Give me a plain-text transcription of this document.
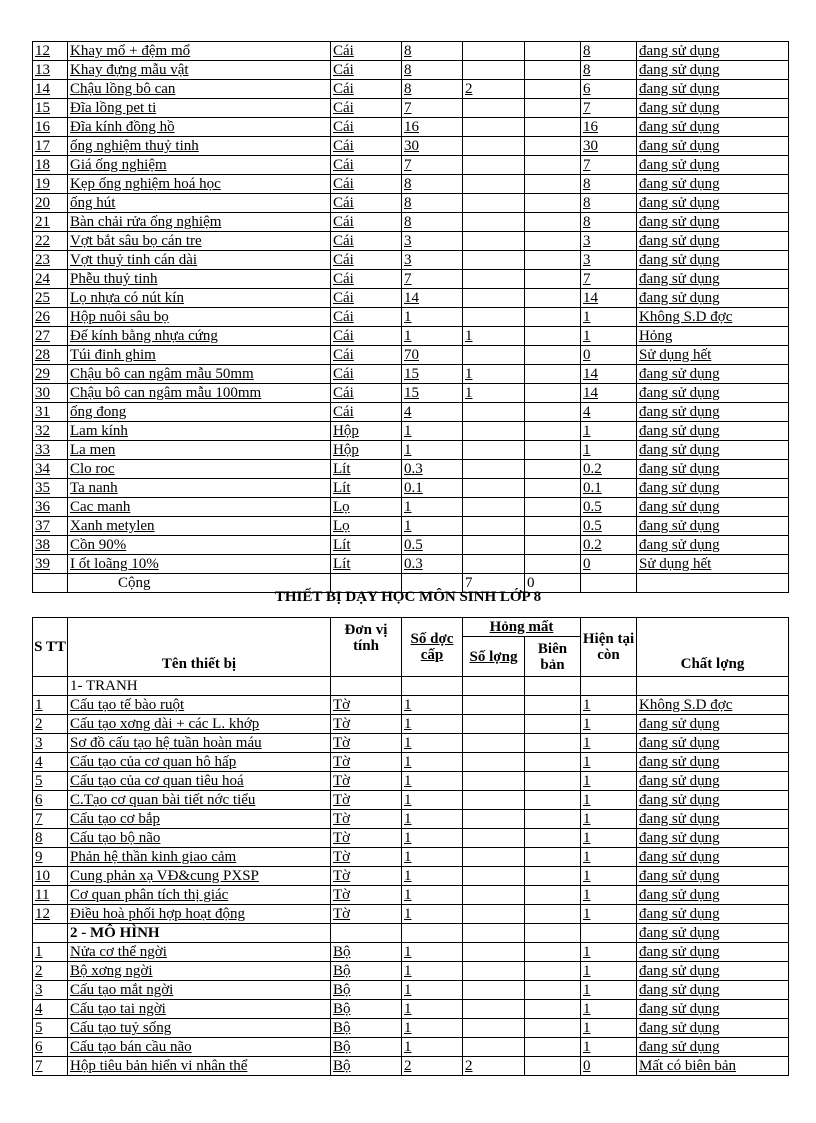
12	Khay mổ + đệm mổ	Cái	8			8	đang sử dụng
13	Khay đựng mẫu vật	Cái	8			8	đang sử dụng
14	Chậu lồng bô can	Cái	8	2		6	đang sử dụng
15	Đĩa lồng pet ti	Cái	7			7	đang sử dụng
16	Đĩa kính đồng hồ	Cái	16			16	đang sử dụng
17	ống nghiệm thuỷ tinh	Cái	30			30	đang sử dụng
18	Giá ống nghiệm	Cái	7			7	đang sử dụng
19	Kẹp ống nghiệm hoá học	Cái	8			8	đang sử dụng
20	ống hút	Cái	8			8	đang sử dụng
21	Bàn chải rửa ống nghiệm	Cái	8			8	đang sử dụng
22	Vợt bắt sâu bọ cán tre	Cái	3			3	đang sử dụng
23	Vợt thuỷ tinh cán dài	Cái	3			3	đang sử dụng
24	Phễu thuỷ tinh	Cái	7			7	đang sử dụng
25	Lọ nhựa có nút kín	Cái	14			14	đang sử dụng
26	Hộp nuôi sâu bọ	Cái	1			1	Không S.D đợc
27	Đế kính bằng nhựa cứng	Cái	1	1		1	Hỏng
28	Túi đinh ghim	Cái	70			0	Sử dụng hết
29	Chậu bô can ngâm mẫu 50mm	Cái	15	1		14	đang sử dụng
30	Chậu bô can ngâm mẫu 100mm	Cái	15	1		14	đang sử dụng
31	ống đong	Cái	4			4	đang sử dụng
32	Lam kính	Hộp	1			1	đang sử dụng
33	La men	Hộp	1			1	đang sử dụng
34	Clo roc	Lít	0.3			0.2	đang sử dụng
35	Ta nanh	Lít	0.1			0.1	đang sử dụng
36	Cac manh	Lọ	1			0.5	đang sử dụng
37	Xanh metylen	Lọ	1			0.5	đang sử dụng
38	Cồn 90%	Lít	0.5			0.2	đang sử dụng
39	I ốt loãng 10%	Lít	0.3			0	Sử dụng hết
	Cộng			7	0		
THIẾT BỊ DẠY HỌC MÔN SINH LỚP 8
S TT	Tên thiết bị	Đơn vị tính	Số dợc cấp	Hỏng mất		Hiện tại còn	Chất lợng
				Số lợng	Biên bản		
	1- TRANH						
1	Cấu tạo tế bào ruột	Tờ	1			1	Không S.D đợc
2	Cấu tạo xơng dài + các L. khớp	Tờ	1			1	đang sử dụng
3	Sơ đồ cấu tạo hệ tuần hoàn máu	Tờ	1			1	đang sử dụng
4	Cấu tạo của cơ quan hô hấp	Tờ	1			1	đang sử dụng
5	Cấu tạo của cơ quan tiêu hoá	Tờ	1			1	đang sử dụng
6	C.Tạo cơ quan bài tiết nớc tiểu	Tờ	1			1	đang sử dụng
7	Cấu tạo cơ bắp	Tờ	1			1	đang sử dụng
8	Cấu tạo bộ não	Tờ	1			1	đang sử dụng
9	Phản hệ thần kinh giao cảm	Tờ	1			1	đang sử dụng
10	Cung phản xạ VĐ&cung PXSP	Tờ	1			1	đang sử dụng
11	Cơ quan phân tích thị giác	Tờ	1			1	đang sử dụng
12	Điều hoà phối hợp hoạt động	Tờ	1			1	đang sử dụng
	2 - MÔ HÌNH						đang sử dụng
1	Nửa cơ thể ngời	Bộ	1			1	đang sử dụng
2	Bộ xơng ngời	Bộ	1			1	đang sử dụng
3	Cấu tạo mắt ngời	Bộ	1			1	đang sử dụng
4	Cấu tạo tai ngời	Bộ	1			1	đang sử dụng
5	Cấu tạo tuỷ sống	Bộ	1			1	đang sử dụng
6	Cấu tạo bán cầu não	Bộ	1			1	đang sử dụng
7	Hộp tiêu bản hiển vi nhân thể	Bộ	2	2		0	Mất có biên bản
